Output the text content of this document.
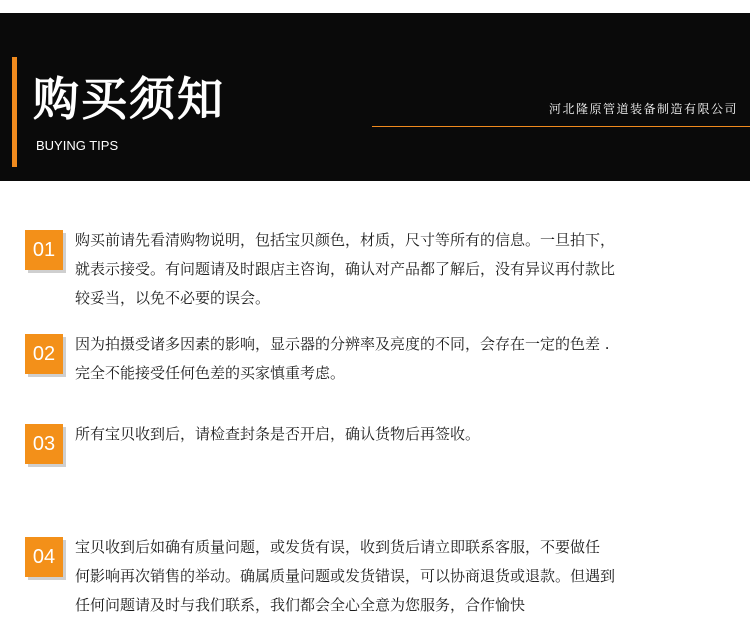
购买须知
BUYING TIPS
河北隆原管道装备制造有限公司
01	购买前请先看清购物说明，包括宝贝颜色，材质，尺寸等所有的信息。一旦拍下，
就表示接受。有问题请及时跟店主咨询，确认对产品都了解后，没有异议再付款比
较妥当，以免不必要的误会。
02	因为拍摄受诸多因素的影响，显示器的分辨率及亮度的不同，会存在一定的色差 .
完全不能接受任何色差的买家慎重考虑。
03	所有宝贝收到后，请检查封条是否开启，确认货物后再签收。
04	宝贝收到后如确有质量问题，或发货有误，收到货后请立即联系客服，不要做任
何影响再次销售的举动。确属质量问题或发货错误，可以协商退货或退款。但遇到
任何问题请及时与我们联系，我们都会全心全意为您服务，合作愉快
